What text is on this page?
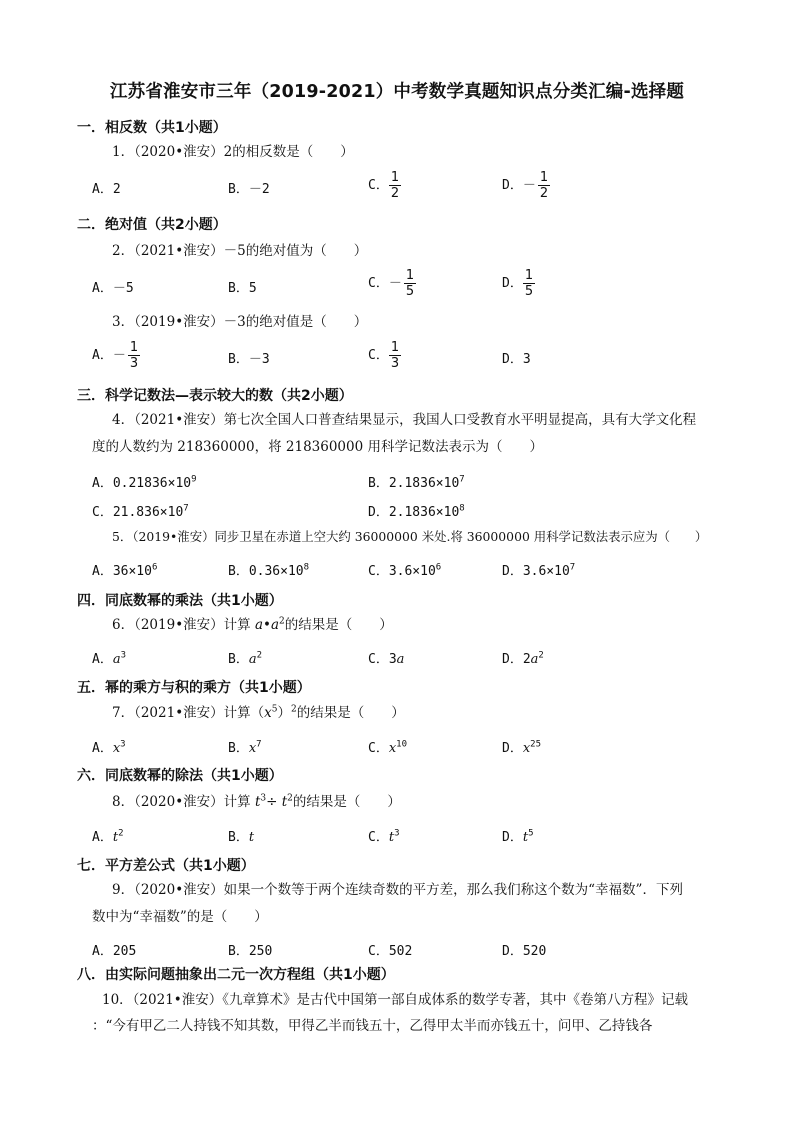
江苏省淮安市三年（2019-2021）中考数学真题知识点分类汇编-选择题
一．相反数（共1小题）
1．（2020•淮安）2的相反数是（　　）
A．2	B．－2	C． $\frac{1}{2}$	D．－ $\frac{1}{2}$
二．绝对值（共2小题）
2．（2021•淮安）－5的绝对值为（　　）
A．－5	B．5	C．－ $\frac{1}{5}$	D． $\frac{1}{5}$
3．（2019•淮安）－3的绝对值是（　　）
A．－ $\frac{1}{3}$	B．－3	C． $\frac{1}{3}$	D．3
三．科学记数法—表示较大的数（共2小题）
4．（2021•淮安）第七次全国人口普查结果显示，我国人口受教育水平明显提高，具有大学文化程
度的人数约为 218360000，将 218360000 用科学记数法表示为（　　）
A．$0.21836\times 10^9$	B．$2.1836\times 10^7$
C．$21.836\times 10^7$	D．$2.1836\times 10^8$
5．（2019•淮安）同步卫星在赤道上空大约 36000000 米处.将 36000000 用科学记数法表示应为（　　）
A．$36\times 10^6$	B．$0.36\times 10^8$	C．$3.6\times 10^6$	D．$3.6\times 10^7$
四．同底数幂的乘法（共1小题）
6．（2019•淮安）计算 $a•a^2$的结果是（　　）
A．$a^3$	B．$a^2$	C．3a	D．$2a^2$
五．幂的乘方与积的乘方（共1小题）
7．（2021•淮安）计算$(x^5)^2$的结果是（　　）
A．$x^3$	B．$x^7$	C．$x^{10}$	D．$x^{25}$
六．同底数幂的除法（共1小题）
8．（2020•淮安）计算 $t^3\div t^2$的结果是（　　）
A．$t^2$	B．t	C．$t^3$	D．$t^5$
七．平方差公式（共1小题）
9．（2020•淮安）如果一个数等于两个连续奇数的平方差，那么我们称这个数为“幸福数”．下列
数中为“幸福数”的是（　　）
A．205	B．250	C．502	D．520
八．由实际问题抽象出二元一次方程组（共1小题）
10．（2021•淮安）《九章算术》是古代中国第一部自成体系的数学专著，其中《卷第八方程》记载
：“今有甲乙二人持钱不知其数，甲得乙半而钱五十，乙得甲太半而亦钱五十，问甲、乙持钱各
